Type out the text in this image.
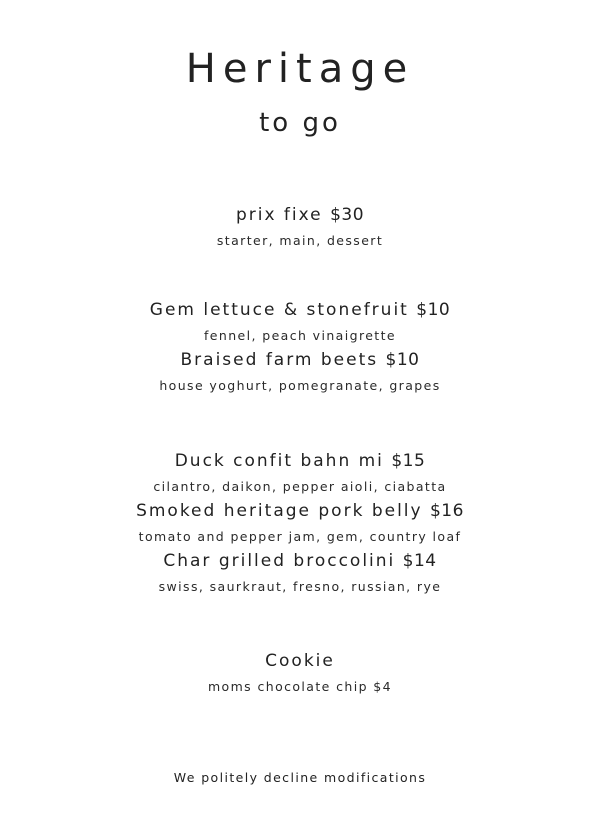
Heritage
to go
prix fixe $30
starter, main, dessert
Gem lettuce & stonefruit $10
fennel, peach vinaigrette
Braised farm beets $10
house yoghurt, pomegranate, grapes
Duck confit bahn mi $15
cilantro, daikon, pepper aioli, ciabatta
Smoked heritage pork belly $16
tomato and pepper jam, gem, country loaf
Char grilled broccolini $14
swiss, saurkraut, fresno, russian, rye
Cookie
moms chocolate chip $4
We politely decline modifications
